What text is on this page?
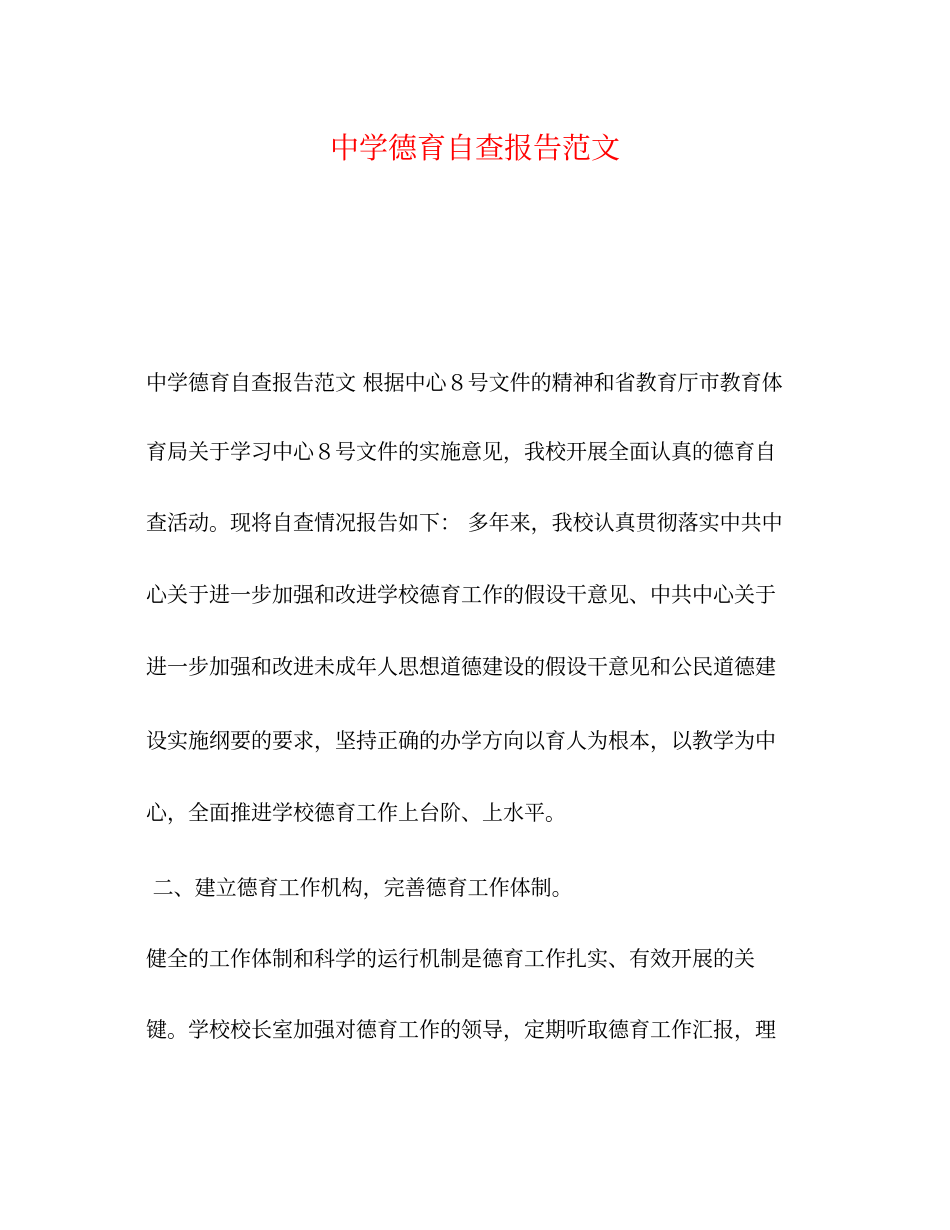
中学德育自查报告范文
中学德育自查报告范文 根据中心８号文件的精神和省教育厅市教育体
育局关于学习中心８号文件的实施意见，我校开展全面认真的德育自
查活动。现将自查情况报告如下： 多年来，我校认真贯彻落实中共中
心关于进一步加强和改进学校德育工作的假设干意见、中共中心关于
进一步加强和改进未成年人思想道德建设的假设干意见和公民道德建
设实施纲要的要求，坚持正确的办学方向以育人为根本，以教学为中
心，全面推进学校德育工作上台阶、上水平。
二、建立德育工作机构，完善德育工作体制。
健全的工作体制和科学的运行机制是德育工作扎实、有效开展的关
键。学校校长室加强对德育工作的领导，定期听取德育工作汇报，理
